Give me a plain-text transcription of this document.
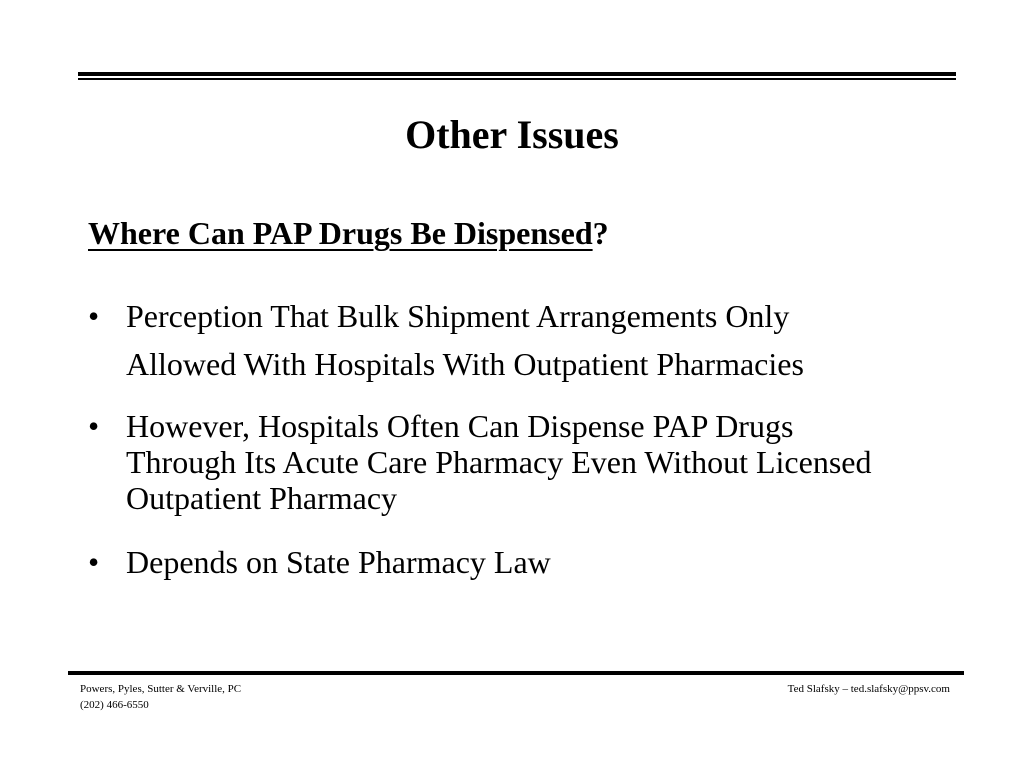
Other Issues
Where Can PAP Drugs Be Dispensed?
• Perception That Bulk Shipment Arrangements Only Allowed With Hospitals With Outpatient Pharmacies
• However, Hospitals Often Can Dispense PAP Drugs Through Its Acute Care Pharmacy Even Without Licensed Outpatient Pharmacy
• Depends on State Pharmacy Law
Powers, Pyles, Sutter & Verville, PC
(202) 466-6550
Ted Slafsky – ted.slafsky@ppsv.com
